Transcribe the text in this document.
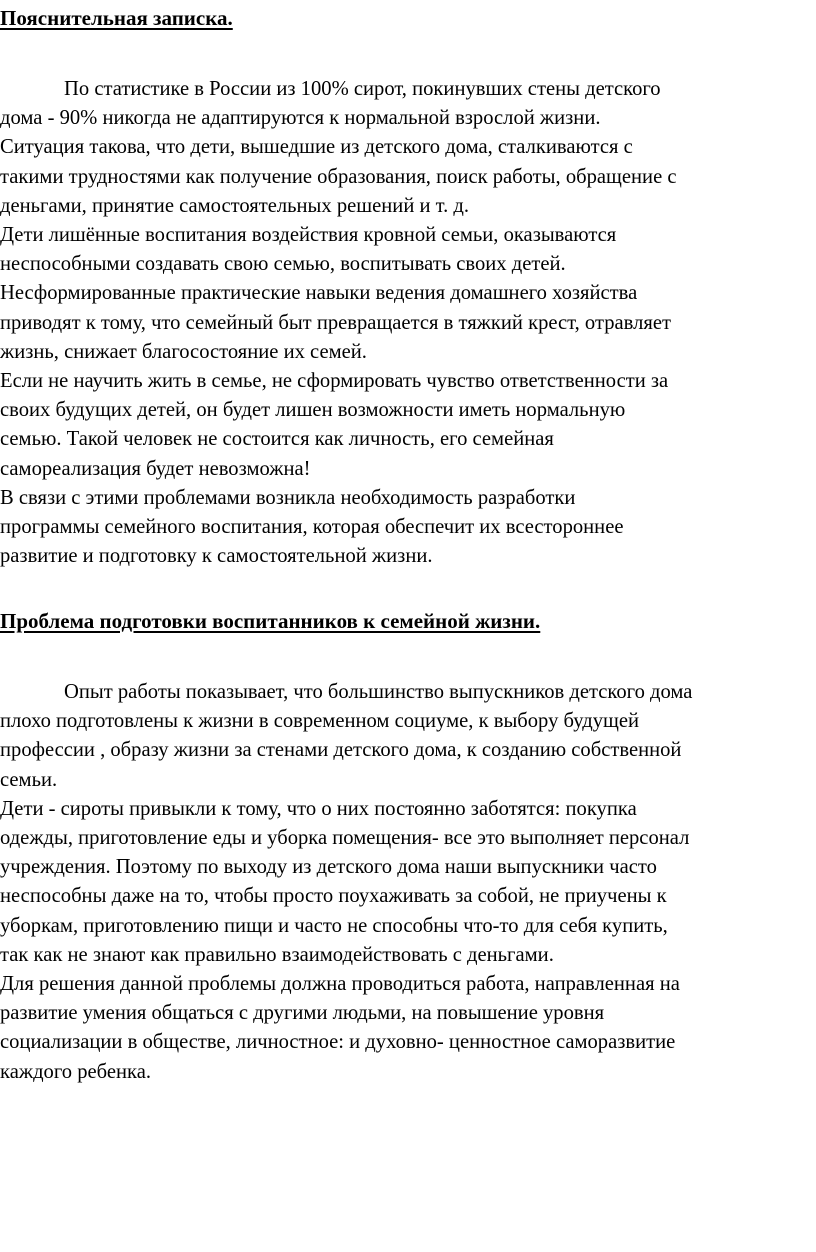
Пояснительная записка.
По статистике в России из 100% сирот, покинувших стены детского
дома - 90% никогда не адаптируются к нормальной взрослой жизни.
Ситуация такова, что дети, вышедшие из детского дома, сталкиваются с
такими трудностями как получение образования, поиск работы, обращение с
деньгами, принятие самостоятельных решений и т. д.
Дети лишённые воспитания воздействия кровной семьи, оказываются
неспособными создавать свою семью, воспитывать своих детей.
Несформированные практические навыки ведения домашнего хозяйства
приводят к тому, что семейный быт превращается в тяжкий крест, отравляет
жизнь, снижает благосостояние их семей.
Если не научить жить в семье, не сформировать чувство ответственности за
своих будущих детей, он будет лишен возможности иметь нормальную
семью. Такой человек не состоится как личность, его семейная
самореализация будет невозможна!
В связи с этими проблемами возникла необходимость разработки
программы семейного воспитания, которая обеспечит их всестороннее
развитие и подготовку к самостоятельной жизни.
Проблема подготовки воспитанников к семейной жизни.
Опыт работы показывает, что большинство выпускников детского дома
плохо подготовлены к жизни в современном социуме, к выбору будущей
профессии , образу жизни за стенами детского дома, к созданию собственной
семьи.
Дети - сироты привыкли к тому, что о них постоянно заботятся: покупка
одежды, приготовление еды и уборка помещения- все это выполняет персонал
учреждения. Поэтому по выходу из детского дома наши выпускники часто
неспособны даже на то, чтобы просто поухаживать за собой, не приучены к
уборкам, приготовлению пищи и часто не способны что-то для себя купить,
так как не знают как правильно взаимодействовать с деньгами.
Для решения данной проблемы должна проводиться работа, направленная на
развитие умения общаться с другими людьми, на повышение уровня
социализации в обществе, личностное: и духовно- ценностное саморазвитие
каждого ребенка.
